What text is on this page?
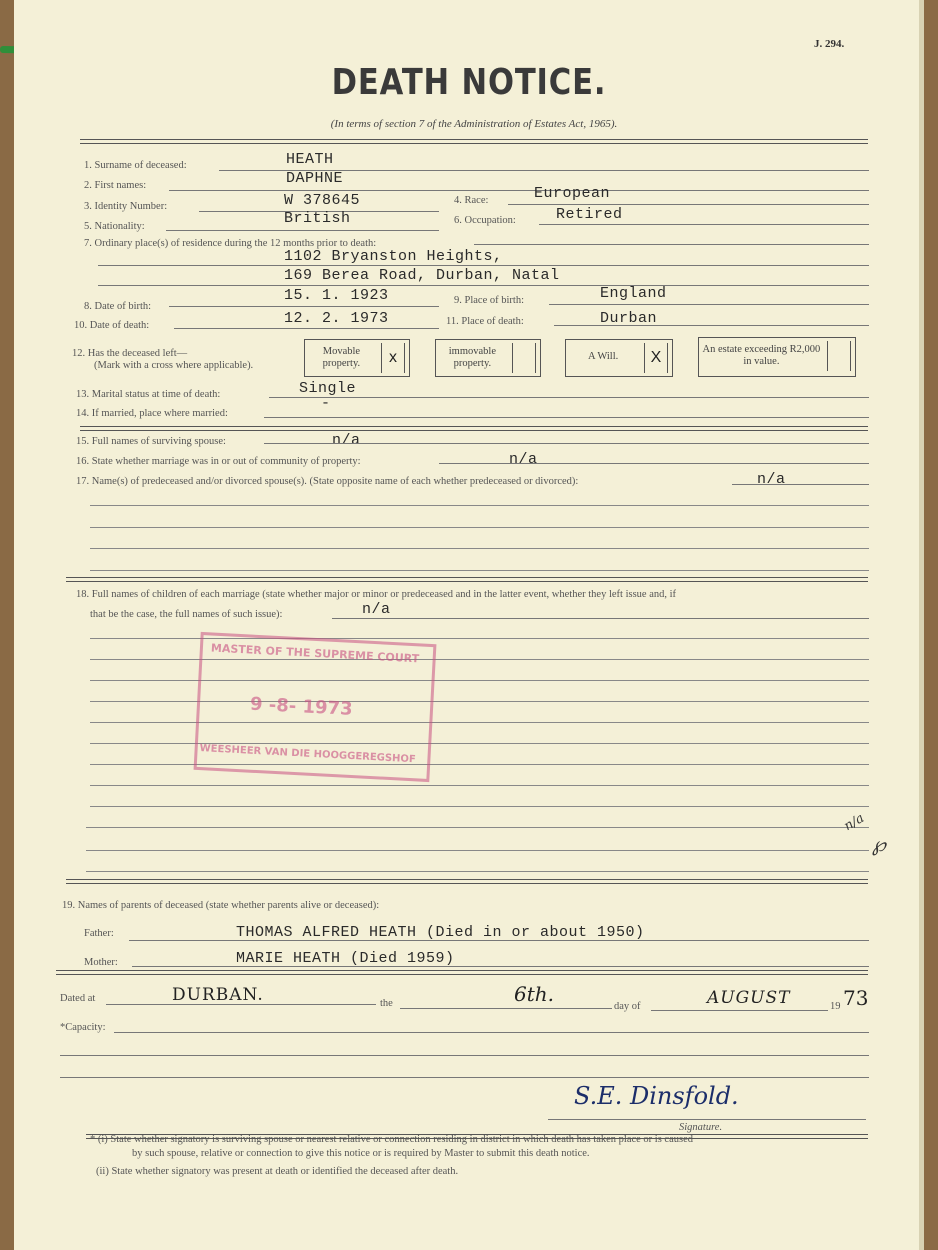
J. 294.
DEATH NOTICE.
(In terms of section 7 of the Administration of Estates Act, 1965).
1. Surname of deceased:	HEATH
2. First names:	DAPHNE
3. Identity Number:	W 378645	4. Race:	European
5. Nationality:	British	6. Occupation:	Retired
7. Ordinary place(s) of residence during the 12 months prior to death:
1102 Bryanston Heights,
169 Berea Road, Durban, Natal
8. Date of birth:
15. 1. 1923	9. Place of birth:	England
10. Date of death:	12. 2. 1973	11. Place of death:	Durban
12. Has the deceased left—
(Mark with a cross where applicable).
Movable property.	x	immovable property.
A Will.	X	An estate exceeding R2,000 in value.
13. Marital status at time of death:	Single
14. If married, place where married:
-
15. Full names of surviving spouse:	n/a
16. State whether marriage was in or out of community of property:	n/a
17. Name(s) of predeceased and/or divorced spouse(s). (State opposite name of each whether predeceased or divorced):	n/a
18. Full names of children of each marriage (state whether major or minor or predeceased and in the latter event, whether they left issue and, if
that be the case, the full names of such issue):	n/a
MASTER OF THE SUPREME COURT
9 -8- 1973
WEESHEER VAN DIE HOOGGEREGSHOF
n/a
℘
19. Names of parents of deceased (state whether parents alive or deceased):
Father:	THOMAS ALFRED HEATH (Died in or about 1950)
Mother:	MARIE HEATH (Died 1959)
Dated at	DURBAN.	the	6th.
day of	AUGUST	19 73
*Capacity:
S.E. Dinsfold.
Signature.
* (i) State whether signatory is surviving spouse or nearest relative or connection residing in district in which death has taken place or is caused
by such spouse, relative or connection to give this notice or is required by Master to submit this death notice.
(ii) State whether signatory was present at death or identified the deceased after death.
